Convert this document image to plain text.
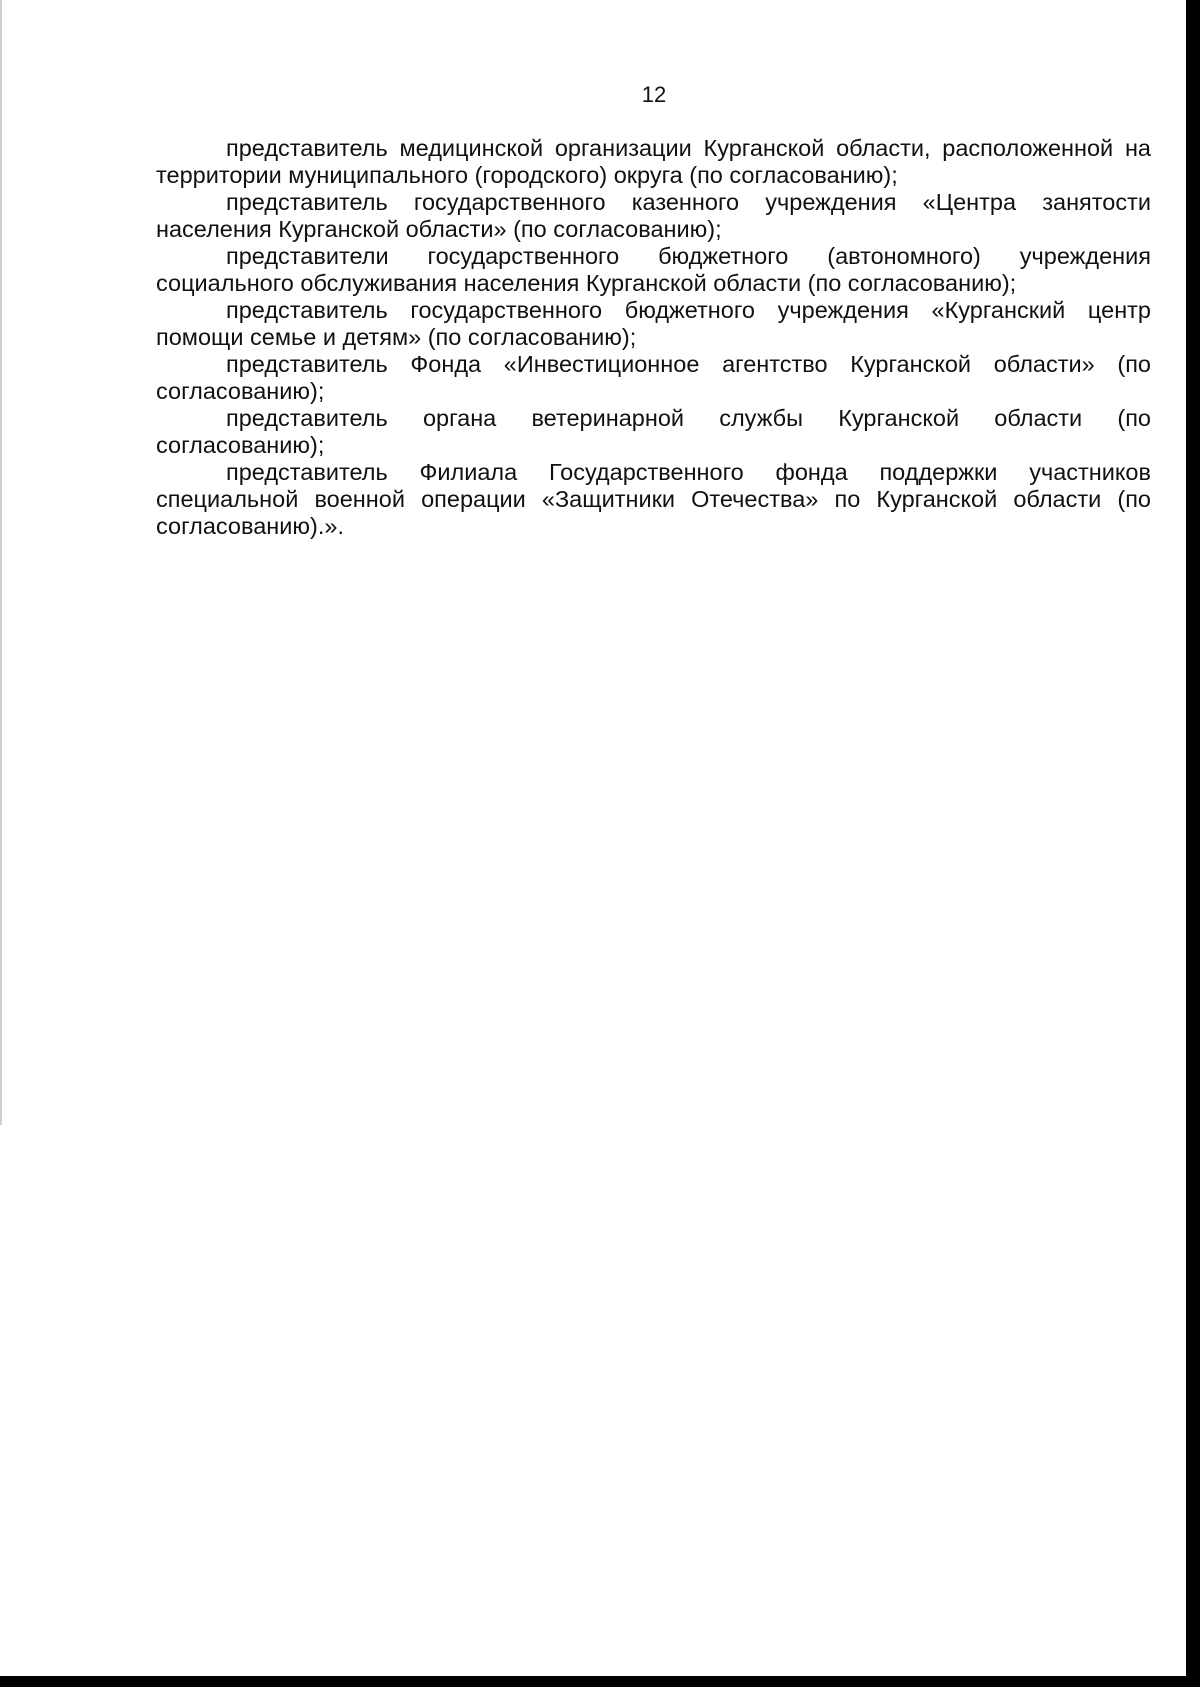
12

представитель медицинской организации Курганской области, расположенной на территории муниципального (городского) округа (по согласованию);

представитель государственного казенного учреждения «Центра занятости населения Курганской области» (по согласованию);

представители государственного бюджетного (автономного) учреждения социального обслуживания населения Курганской области (по согласованию);

представитель государственного бюджетного учреждения «Курганский центр помощи семье и детям» (по согласованию);

представитель Фонда «Инвестиционное агентство Курганской области» (по согласованию);

представитель органа ветеринарной службы Курганской области (по согласованию);

представитель Филиала Государственного фонда поддержки участников специальной военной операции «Защитники Отечества» по Курганской области (по согласованию).».
